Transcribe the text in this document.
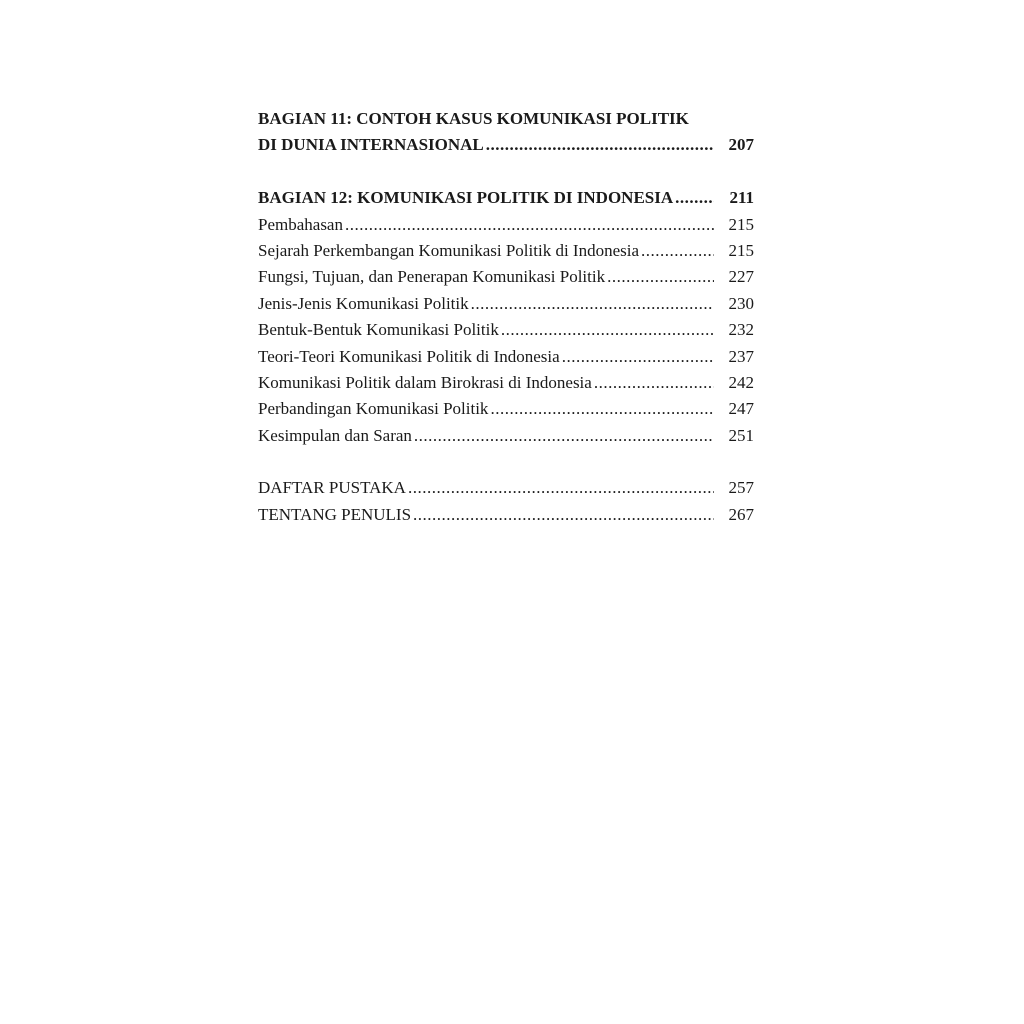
BAGIAN 11: CONTOH KASUS KOMUNIKASI POLITIK
DI DUNIA INTERNASIONAL .....	207
BAGIAN 12: KOMUNIKASI POLITIK DI INDONESIA .....	211
Pembahasan .....	215
Sejarah Perkembangan Komunikasi Politik di Indonesia .....	215
Fungsi, Tujuan, dan Penerapan Komunikasi Politik .....	227
Jenis-Jenis Komunikasi Politik .....	230
Bentuk-Bentuk Komunikasi Politik .....	232
Teori-Teori Komunikasi Politik di Indonesia .....	237
Komunikasi Politik dalam Birokrasi di Indonesia .....	242
Perbandingan Komunikasi Politik .....	247
Kesimpulan dan Saran .....	251
DAFTAR PUSTAKA .....	257
TENTANG PENULIS .....	267
